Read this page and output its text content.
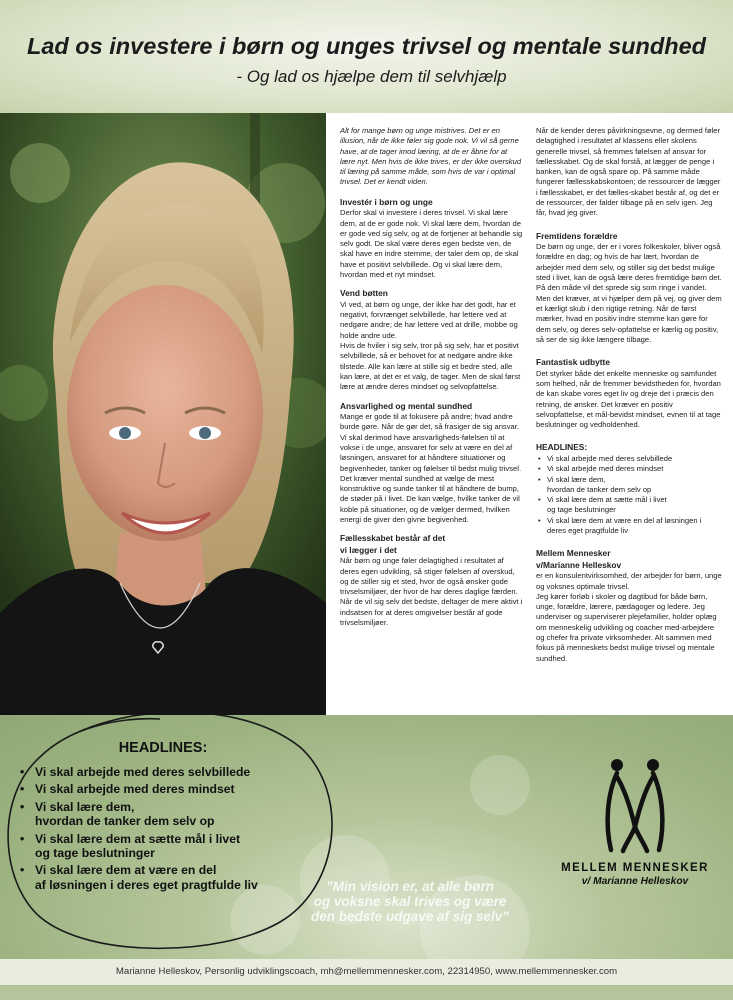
Lad os investere i børn og unges trivsel og mentale sundhed
- Og lad os hjælpe dem til selvhjælp

Alt for mange børn og unge mistrives. Det er en illusion, når de ikke føler sig gode nok. Vi vil så gerne have, at de tager imod læring, at de er åbne for at lære nyt. Men hvis de ikke trives, er der ikke overskud til læring på samme måde, som hvis de var i optimal trivsel. Det er kendt viden.

Investér i børn og unge

Derfor skal vi investere i deres trivsel. Vi skal lære dem, at de er gode nok. Vi skal lære dem, hvordan de er gode ved sig selv, og at de fortjener at behandle sig selv godt. De skal være deres egen bedste ven, de skal have en indre stemme, der taler dem op, de skal have et positivt selvbillede. Og vi skal lære dem, hvordan med et nyt mindset.

Vend bøtten

Vi ved, at børn og unge, der ikke har det godt, har et negativt, forvrænget selvbillede, har lettere ved at nedgøre andre; de har lettere ved at drille, mobbe og holde andre ude.

Hvis de hviler i sig selv, tror på sig selv, har et positivt selvbillede, så er behovet for at nedgøre andre ikke tilstede. Alle kan lære at stille sig et bedre sted, alle kan lære, at det er et valg, de tager. Men de skal først lære at ændre deres mindset og selvopfattelse.

Ansvarlighed og mental sundhed

Mange er gode til at fokusere på andre; hvad andre burde gøre. Når de gør det, så frasiger de sig ansvar. Vi skal derimod have ansvarligheds-følelsen til at vokse i de unge, ansvaret for selv at være en del af løsningen, ansvaret for at håndtere situationer og begivenheder, tanker og følelser til bedst mulig trivsel.

Det kræver mental sundhed at vælge de mest konstruktive og sunde tanker til at håndtere de bump, de støder på i livet. De kan vælge, hvilke tanker de vil koble på situationer, og de vælger dermed, hvilken energi de giver den givne begivenhed.

Fællesskabet består af det
vi lægger i det

Når børn og unge føler delagtighed i resultatet af deres egen udvikling, så stiger følelsen af overskud, og de stiller sig et sted, hvor de også ønsker gode trivselsmiljøer, der hvor de har deres daglige færden. Når de vil sig selv det bedste, deltager de mere aktivt i indsatsen for at deres omgivelser består af gode trivselsmiljøer.

Når de kender deres påvirkningsevne, og dermed føler delagtighed i resultatet af klassens eller skolens generelle trivsel, så fremmes følelsen af ansvar for fællesskabet. Og de skal forstå, at lægger de penge i banken, kan de også spare op. På samme måde fungerer fællesskabskontoen; de ressourcer de lægger i fællesskabet, er det fælles-skabet består af, og det er de ressourcer, der falder tilbage på en selv igen. Jeg får, hvad jeg giver.

Fremtidens forældre

De børn og unge, der er i vores folkeskoler, bliver også forældre en dag; og hvis de har lært, hvordan de arbejder med dem selv, og stiller sig det bedst mulige sted i livet, kan de også lære deres fremtidige børn det. På den måde vil det sprede sig som ringe i vandet. Men det kræver, at vi hjælper dem på vej, og giver dem et kærligt skub i den rigtige retning. Når de først mærker, hvad en positiv indre stemme kan gøre for dem selv, og deres selv-opfattelse er kærlig og positiv, så ser de sig ikke længere tilbage.

Fantastisk udbytte

Det styrker både det enkelte menneske og samfundet som helhed, når de fremmer bevidstheden for, hvordan de kan skabe vores eget liv og dreje det i præcis den retning, de ønsker. Det kræver en positiv selvopfattelse, et mål-bevidst mindset, evnen til at tage beslutninger og vedholdenhed.

HEADLINES:
• Vi skal arbejde med deres selvbillede
• Vi skal arbejde med deres mindset
• Vi skal lære dem,
hvordan de tanker dem selv op
• Vi skal lære dem at sætte mål i livet
og tage beslutninger
• Vi skal lære dem at være en del af løsningen i
deres eget pragtfulde liv
Mellem Mennesker
v/Marianne Helleskov

er en konsulentvirksomhed, der arbejder for børn, unge og voksnes optimale trivsel.

Jeg kører forløb i skoler og dagtibud for både børn, unge, forældre, lærere, pædagoger og ledere. Jeg underviser og superviserer plejefamilier, holder oplæg om menneskelig udvikling og coacher med-arbejdere og chefer fra private virksomheder. Alt sammen med fokus på menneskets bedst mulige trivsel og mentale sundhed.

HEADLINES:
• Vi skal arbejde med deres selvbillede
• Vi skal arbejde med deres mindset
• Vi skal lære dem,
hvordan de tanker dem selv op
• Vi skal lære dem at sætte mål i livet
og tage beslutninger
• Vi skal lære dem at være en del
af løsningen i deres eget pragtfulde liv	”Min vision er, at alle børn
og voksne skal trives og være
den bedste udgave af sig selv”
MELLEM MENNESKER
v/ Marianne Helleskov
Marianne Helleskov, Personlig udviklingscoach, mh@mellemmennesker.com, 22314950, www.mellemmennesker.com
